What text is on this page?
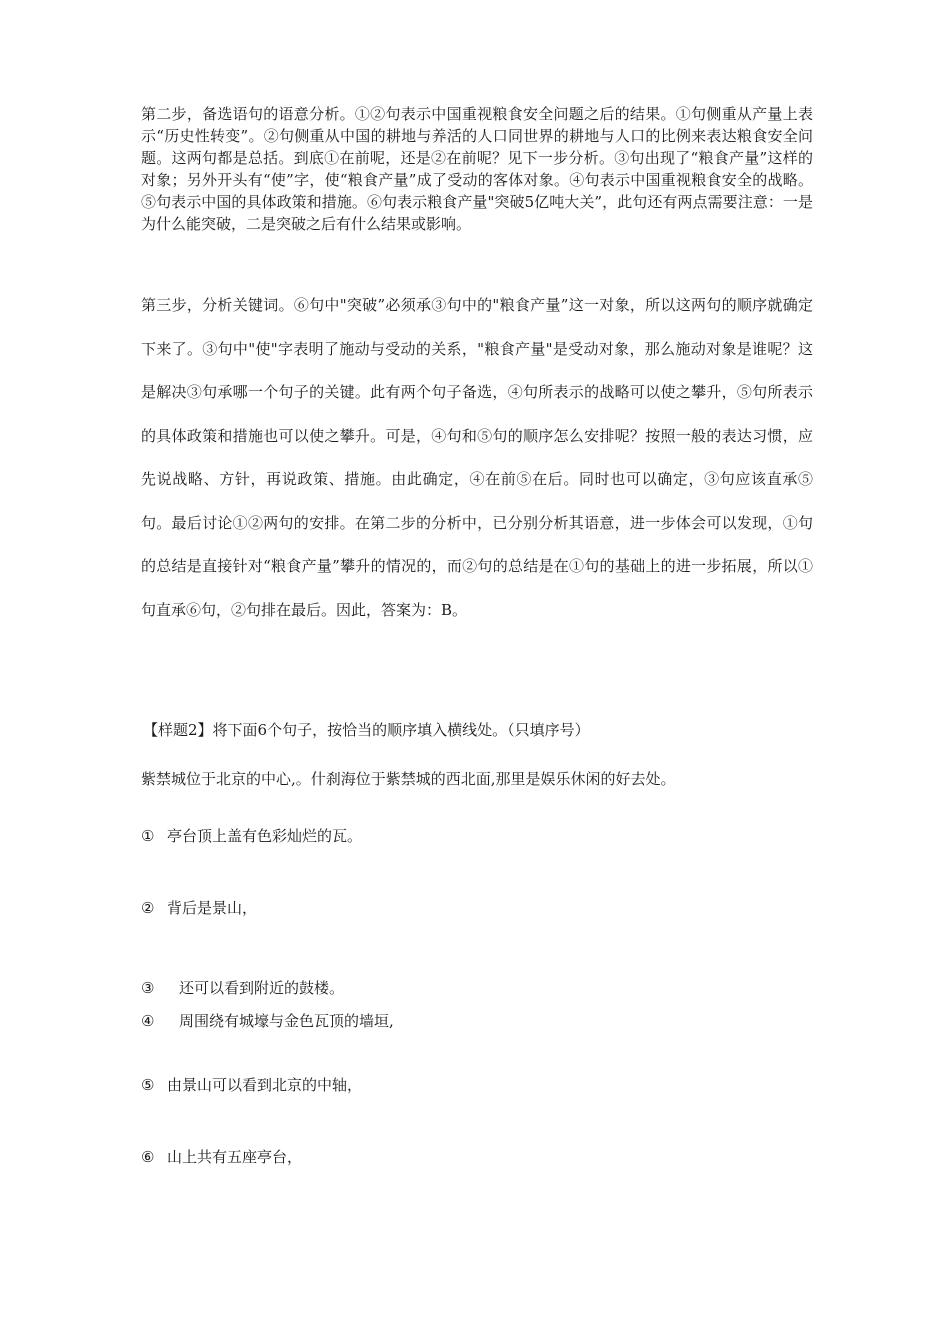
第二步，备选语句的语意分析。①②句表示中国重视粮食安全问题之后的结果。①句侧重从产量上表示“历史性转变”。②句侧重从中国的耕地与养活的人口同世界的耕地与人口的比例来表达粮食安全问题。这两句都是总括。到底①在前呢，还是②在前呢？见下一步分析。③句出现了“粮食产量”这样的对象；另外开头有“使”字，使“粮食产量”成了受动的客体对象。④句表示中国重视粮食安全的战略。⑤句表示中国的具体政策和措施。⑥句表示粮食产量"突破5亿吨大关”，此句还有两点需要注意：一是为什么能突破，二是突破之后有什么结果或影响。
第三步，分析关键词。⑥句中"突破”必须承③句中的"粮食产量”这一对象，所以这两句的顺序就确定下来了。③句中"使"字表明了施动与受动的关系，"粮食产量"是受动对象，那么施动对象是谁呢？这是解决③句承哪一个句子的关键。此有两个句子备选，④句所表示的战略可以使之攀升，⑤句所表示的具体政策和措施也可以使之攀升。可是，④句和⑤句的顺序怎么安排呢？按照一般的表达习惯，应先说战略、方针，再说政策、措施。由此确定，④在前⑤在后。同时也可以确定，③句应该直承⑤句。最后讨论①②两句的安排。在第二步的分析中，已分别分析其语意，进一步体会可以发现，①句的总结是直接针对“粮食产量”攀升的情况的，而②句的总结是在①句的基础上的进一步拓展，所以①句直承⑥句，②句排在最后。因此，答案为：B。
【样题2】将下面6个句子，按恰当的顺序填入横线处。（只填序号）
紫禁城位于北京的中心,。什刹海位于紫禁城的西北面,那里是娱乐休闲的好去处。
① 亭台顶上盖有色彩灿烂的瓦。
② 背后是景山，
③ 还可以看到附近的鼓楼。
④ 周围绕有城壕与金色瓦顶的墙垣,
⑤ 由景山可以看到北京的中轴，
⑥ 山上共有五座亭台，
